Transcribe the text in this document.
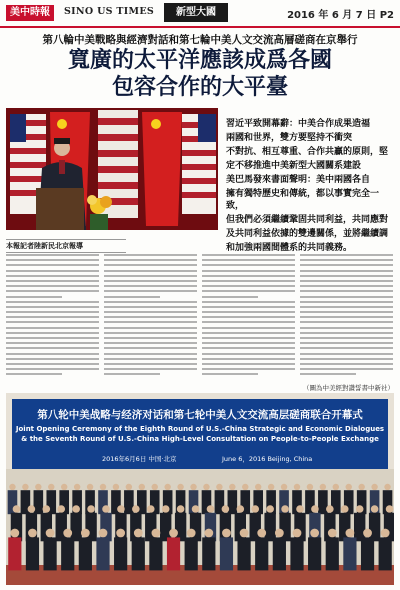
美中時報	SINO US TIMES	新型大國	2016 年 6 月 7 日 P2
第八輪中美戰略與經濟對話和第七輪中美人文交流高層磋商在京舉行
寬廣的太平洋應該成爲各國
包容合作的大平臺
習近平致開幕辭：中美合作成果造福
兩國和世界，雙方要堅持不衝突
不對抗、相互尊重、合作共贏的原則，堅
定不移推進中美新型大國關系建設
美巴馬發來書面聲明：美中兩國各自
擁有獨特歷史和傳統，都以事實完全一致，
但我們必須繼續鞏固共同利益，共同應對
及共同利益依據的雙邊關係，並將繼續調
和加強兩國間體系的共同義務。
本報記者陸新民北京報導
（圖為中美經對讚誓書中新社）
第八轮中美战略与经济对话和第七轮中美人文交流高层磋商联合开幕式
Joint Opening Ceremony of the Eighth Round of U.S.-China Strategic and Economic Dialogues
& the Seventh Round of U.S.-China High-Level Consultation on People-to-People Exchange
2016年6月6日 中国·北京	June 6，2016 Beijing, China
